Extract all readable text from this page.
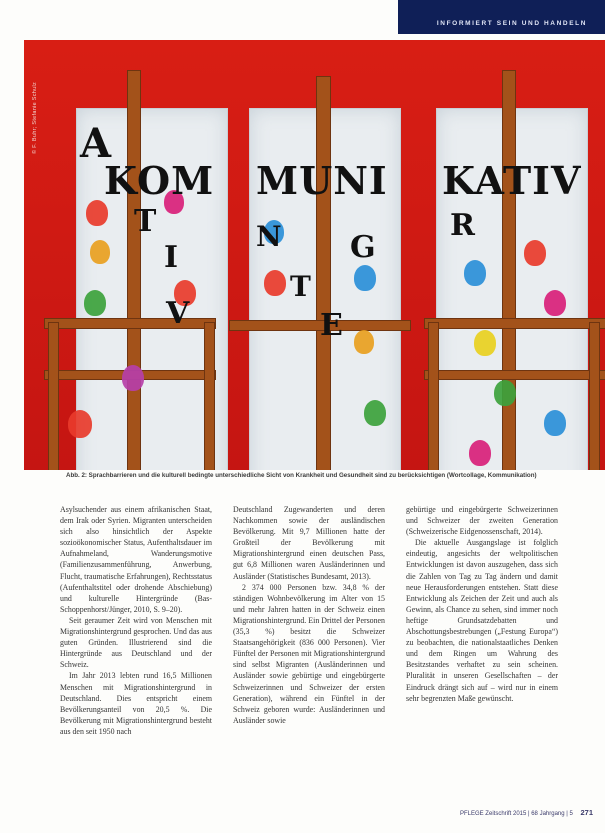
INFORMIERT SEIN UND HANDELN
A
KOM
T
I
V
MUNI
N G
T
E
KATIV
R
© F. Buhr; Stefanie Schulz
Abb. 2: Sprachbarrieren und die kulturell bedingte unterschiedliche Sicht von Krankheit und Gesundheit sind zu berücksichtigen (Wortcollage, Kommunikation)

Asylsuchender aus einem afrikanischen Staat, dem Irak oder Syrien. Migranten unterscheiden sich also hinsichtlich der Aspekte sozioökonomischer Status, Aufenthaltsdauer im Aufnahmeland, Wanderungsmotive (Familienzusammenführung, Anwerbung, Flucht, traumatische Erfahrungen), Rechtsstatus (Aufenthaltstitel oder drohende Abschiebung) und kulturelle Hintergründe (Bas-Schoppenhorst/Jünger, 2010, S. 9–20).

Seit geraumer Zeit wird von Menschen mit Migrationshintergrund gesprochen. Und das aus guten Gründen. Illustrierend sind die Hintergründe aus Deutschland und der Schweiz.

Im Jahr 2013 lebten rund 16,5 Millionen Menschen mit Migrationshintergrund in Deutschland. Dies entspricht einem Bevölkerungsanteil von 20,5 %. Die Bevölkerung mit Migrationshintergrund besteht aus den seit 1950 nach

Deutschland Zugewanderten und deren Nachkommen sowie der ausländischen Bevölkerung. Mit 9,7 Millionen hatte der Großteil der Bevölkerung mit Migrationshintergrund einen deutschen Pass, gut 6,8 Millionen waren Ausländerinnen und Ausländer (Statistisches Bundesamt, 2013).

2 374 000 Personen bzw. 34,8 % der ständigen Wohnbevölkerung im Alter von 15 und mehr Jahren hatten in der Schweiz einen Migrationshintergrund. Ein Drittel der Personen (35,3 %) besitzt die Schweizer Staatsangehörigkeit (836 000 Personen). Vier Fünftel der Personen mit Migrationshintergrund sind selbst Migranten (Ausländerinnen und Ausländer sowie gebürtige und eingebürgerte Schweizerinnen und Schweizer der ersten Generation), während ein Fünftel in der Schweiz geboren wurde: Ausländerinnen und Ausländer sowie

gebürtige und eingebürgerte Schweizerinnen und Schweizer der zweiten Generation (Schweizerische Eidgenossenschaft, 2014).

Die aktuelle Ausgangslage ist folglich eindeutig, angesichts der weltpolitischen Entwicklungen ist davon auszugehen, dass sich die Zahlen von Tag zu Tag ändern und damit neue Herausforderungen entstehen. Statt diese Entwicklung als Zeichen der Zeit und auch als Gewinn, als Chance zu sehen, sind immer noch heftige Grundsatzdebatten und Abschottungsbestrebungen („Festung Europa“) zu beobachten, die nationalstaatliches Denken und dem Ringen um Wahrung des Besitzstandes verhaftet zu sein scheinen. Pluralität in unseren Gesellschaften – der Eindruck drängt sich auf – wird nur in einem sehr begrenzten Maße gewünscht.

PFLEGE Zeitschrift 2015 | 68 Jahrgang | 5 271
